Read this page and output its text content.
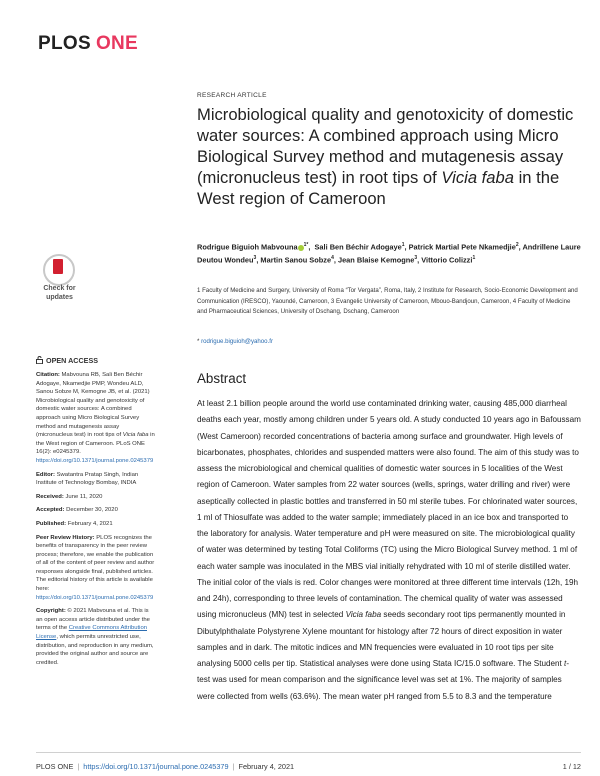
PLOS ONE
RESEARCH ARTICLE
Microbiological quality and genotoxicity of domestic water sources: A combined approach using Micro Biological Survey method and mutagenesis assay (micronucleus test) in root tips of Vicia faba in the West region of Cameroon
Rodrigue Biguioh Mabvouna $^{1*}$,  Sali Ben Béchir Adogaye$^1$, Patrick Martial Pete Nkamedjie$^2$, Andrillene Laure Deutou Wondeu$^3$, Martin Sanou Sobze$^4$, Jean Blaise Kemogne$^3$, Vittorio Colizzi$^1$
1 Faculty of Medicine and Surgery, University of Roma “Tor Vergata”, Roma, Italy, 2 Institute for Research, Socio-Economic Development and Communication (IRESCO), Yaoundé, Cameroon, 3 Evangelic University of Cameroon, Mbouo-Bandjoun, Cameroon, 4 Faculty of Medicine and Pharmaceutical Sciences, University of Dschang, Dschang, Cameroon
* rodrigue.biguioh@yahoo.fr
Abstract

At least 2.1 billion people around the world use contaminated drinking water, causing 485,000 diarrheal deaths each year, mostly among children under 5 years old. A study conducted 10 years ago in Bafoussam (West Cameroon) recorded concentrations of bacteria among surface and groundwater. High levels of bicarbonates, phosphates, chlorides and suspended matters were also found. The aim of this study was to assess the microbiological and chemical qualities of domestic water sources in 5 localities of the West region of Cameroon. Water samples from 22 water sources (wells, springs, water drilling and river) were aseptically collected in plastic bottles and transferred in 50 ml sterile tubes. For chlorinated water sources, 1 ml of Thiosulfate was added to the water sample; immediately placed in an ice box and transported to the laboratory for analysis. Water temperature and pH were measured on site. The microbiological quality of water was determined by testing Total Coliforms (TC) using the Micro Biological Survey method. 1 ml of each water sample was inoculated in the MBS vial initially rehydrated with 10 ml of sterile distilled water. The initial color of the vials is red. Color changes were monitored at three different time intervals (12h, 19h and 24h), corresponding to three levels of contamination. The chemical quality of water was assessed using micronucleus (MN) test in selected Vicia faba seeds secondary root tips permanently mounted in Dibutylphthalate Polystyrene Xylene mountant for histology after 72 hours of direct exposition in water samples and in dark. The mitotic indices and MN frequencies were evaluated in 10 root tips per site analysing 5000 cells per tip. Statistical analyses were done using Stata IC/15.0 software. The Student t-test was used for mean comparison and the significance level was set at 1%. The majority of samples were collected from wells (63.6%). The mean water pH ranged from 5.5 to 8.3 and the temperature

Check for
updates
OPEN ACCESS

Citation: Mabvouna RB, Sali Ben Béchir Adogaye, Nkamedjie PMP, Wondeu ALD, Sanou Sobze M, Kemogne JB, et al. (2021) Microbiological quality and genotoxicity of domestic water sources: A combined approach using Micro Biological Survey method and mutagenesis assay (micronucleus test) in root tips of Vicia faba in the West region of Cameroon. PLoS ONE 16(2): e0245379. https://doi.org/10.1371/journal.pone.0245379

Editor: Swatantra Pratap Singh, Indian Institute of Technology Bombay, INDIA

Received: June 11, 2020

Accepted: December 30, 2020

Published: February 4, 2021

Peer Review History: PLOS recognizes the benefits of transparency in the peer review process; therefore, we enable the publication of all of the content of peer review and author responses alongside final, published articles. The editorial history of this article is available here: https://doi.org/10.1371/journal.pone.0245379

Copyright: © 2021 Mabvouna et al. This is an open access article distributed under the terms of the Creative Commons Attribution License, which permits unrestricted use, distribution, and reproduction in any medium, provided the original author and source are credited.

PLOS ONE | https://doi.org/10.1371/journal.pone.0245379 | February 4, 2021	1 / 12
